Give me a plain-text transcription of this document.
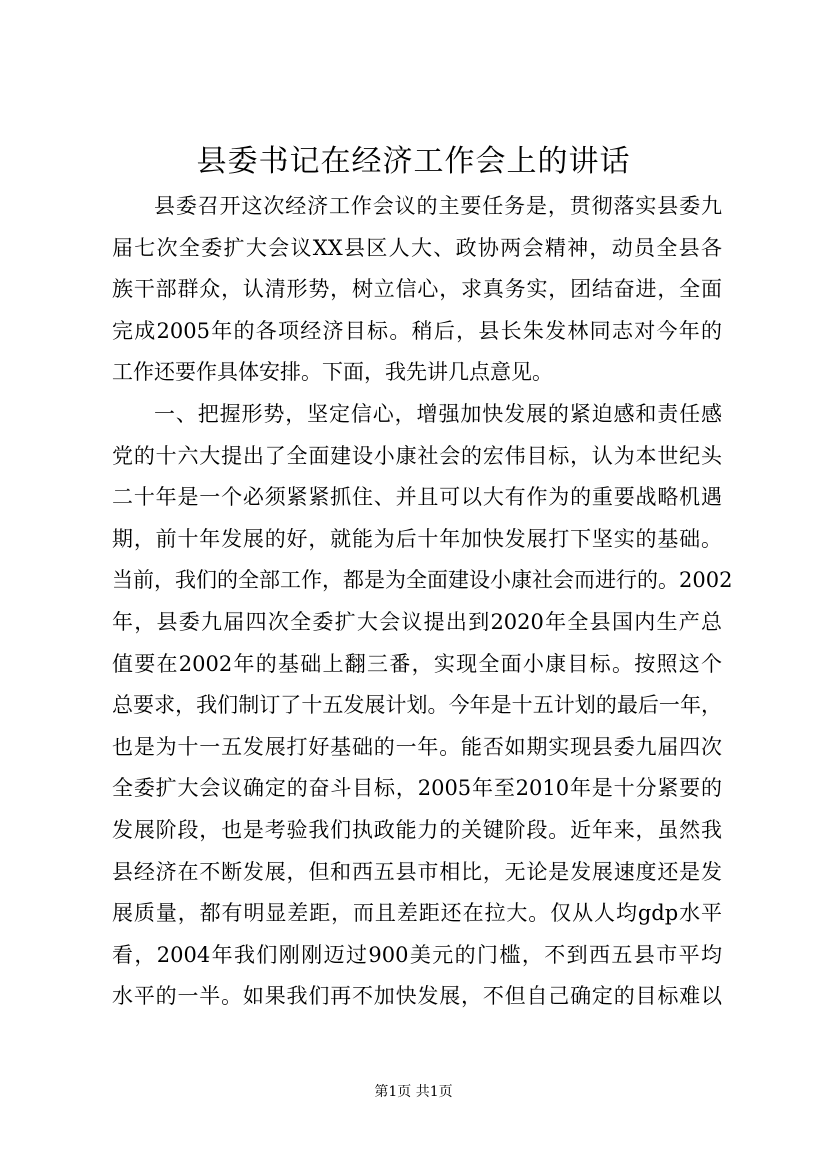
县委书记在经济工作会上的讲话
县委召开这次经济工作会议的主要任务是，贯彻落实县委九
届七次全委扩大会议XX县区人大、政协两会精神，动员全县各
族干部群众，认清形势，树立信心，求真务实，团结奋进，全面
完成2005年的各项经济目标。稍后，县长朱发林同志对今年的
工作还要作具体安排。下面，我先讲几点意见。
一、把握形势，坚定信心，增强加快发展的紧迫感和责任感
党的十六大提出了全面建设小康社会的宏伟目标，认为本世纪头
二十年是一个必须紧紧抓住、并且可以大有作为的重要战略机遇
期，前十年发展的好，就能为后十年加快发展打下坚实的基础。
当前，我们的全部工作，都是为全面建设小康社会而进行的。2002
年，县委九届四次全委扩大会议提出到2020年全县国内生产总
值要在2002年的基础上翻三番，实现全面小康目标。按照这个
总要求，我们制订了十五发展计划。今年是十五计划的最后一年，
也是为十一五发展打好基础的一年。能否如期实现县委九届四次
全委扩大会议确定的奋斗目标，2005年至2010年是十分紧要的
发展阶段，也是考验我们执政能力的关键阶段。近年来，虽然我
县经济在不断发展，但和西五县市相比，无论是发展速度还是发
展质量，都有明显差距，而且差距还在拉大。仅从人均gdp水平
看，2004年我们刚刚迈过900美元的门槛，不到西五县市平均
水平的一半。如果我们再不加快发展，不但自己确定的目标难以
第1页 共1页
